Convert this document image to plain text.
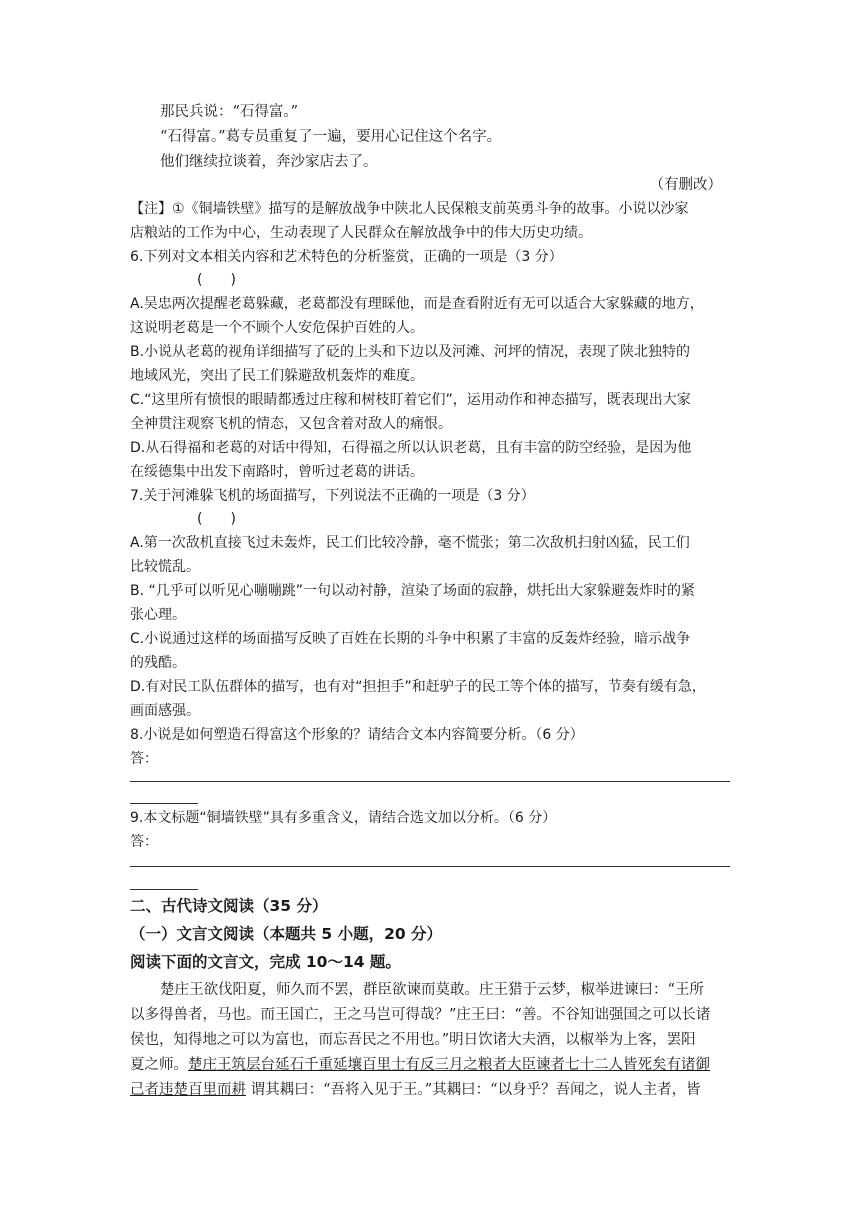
那民兵说：“石得富。”
“石得富。”葛专员重复了一遍，要用心记住这个名字。
他们继续拉谈着，奔沙家店去了。
（有删改）
【注】①《铜墙铁壁》描写的是解放战争中陕北人民保粮支前英勇斗争的故事。小说以沙家
店粮站的工作为中心，生动表现了人民群众在解放战争中的伟大历史功绩。
6.下列对文本相关内容和艺术特色的分析鉴赏，正确的一项是（3 分）
(　　)
A.吴忠两次提醒老葛躲藏，老葛都没有理睬他，而是查看附近有无可以适合大家躲藏的地方，
这说明老葛是一个不顾个人安危保护百姓的人。
B.小说从老葛的视角详细描写了砭的上头和下边以及河滩、河坪的情况，表现了陕北独特的
地域风光，突出了民工们躲避敌机轰炸的难度。
C.“这里所有愤恨的眼睛都透过庄稼和树枝盯着它们”，运用动作和神态描写，既表现出大家
全神贯注观察飞机的情态，又包含着对敌人的痛恨。
D.从石得福和老葛的对话中得知，石得福之所以认识老葛，且有丰富的防空经验，是因为他
在绥德集中出发下南路时，曾听过老葛的讲话。
7.关于河滩躲飞机的场面描写，下列说法不正确的一项是（3 分）
(　　)
A.第一次敌机直接飞过未轰炸，民工们比较冷静，毫不慌张；第二次敌机扫射凶猛，民工们
比较慌乱。
B. “几乎可以听见心嘣嘣跳”一句以动衬静，渲染了场面的寂静，烘托出大家躲避轰炸时的紧
张心理。
C.小说通过这样的场面描写反映了百姓在长期的斗争中积累了丰富的反轰炸经验，暗示战争
的残酷。
D.有对民工队伍群体的描写，也有对“担担手”和赶驴子的民工等个体的描写，节奏有缓有急，
画面感强。
8.小说是如何塑造石得富这个形象的？请结合文本内容简要分析。（6 分）
答：
9.本文标题“铜墙铁壁”具有多重含义，请结合选文加以分析。（6 分）
答：
二、古代诗文阅读（35 分）
（一）文言文阅读（本题共 5 小题，20 分）
阅读下面的文言文，完成 10～14 题。
楚庄王欲伐阳夏，师久而不罢，群臣欲谏而莫敢。庄王猎于云梦，椒举进谏曰：“王所
以多得兽者，马也。而王国亡，王之马岂可得哉？”庄王曰：“善。不谷知诎强国之可以长诸
侯也，知得地之可以为富也，而忘吾民之不用也。”明日饮诸大夫酒，以椒举为上客，罢阳
夏之师。楚庄王筑层台延石千重延壤百里士有反三月之粮者大臣谏者七十二人皆死矣有诸御
己者违楚百里而耕 谓其耦曰：“吾将入见于王。”其耦曰：“以身乎？吾闻之，说人主者，皆
